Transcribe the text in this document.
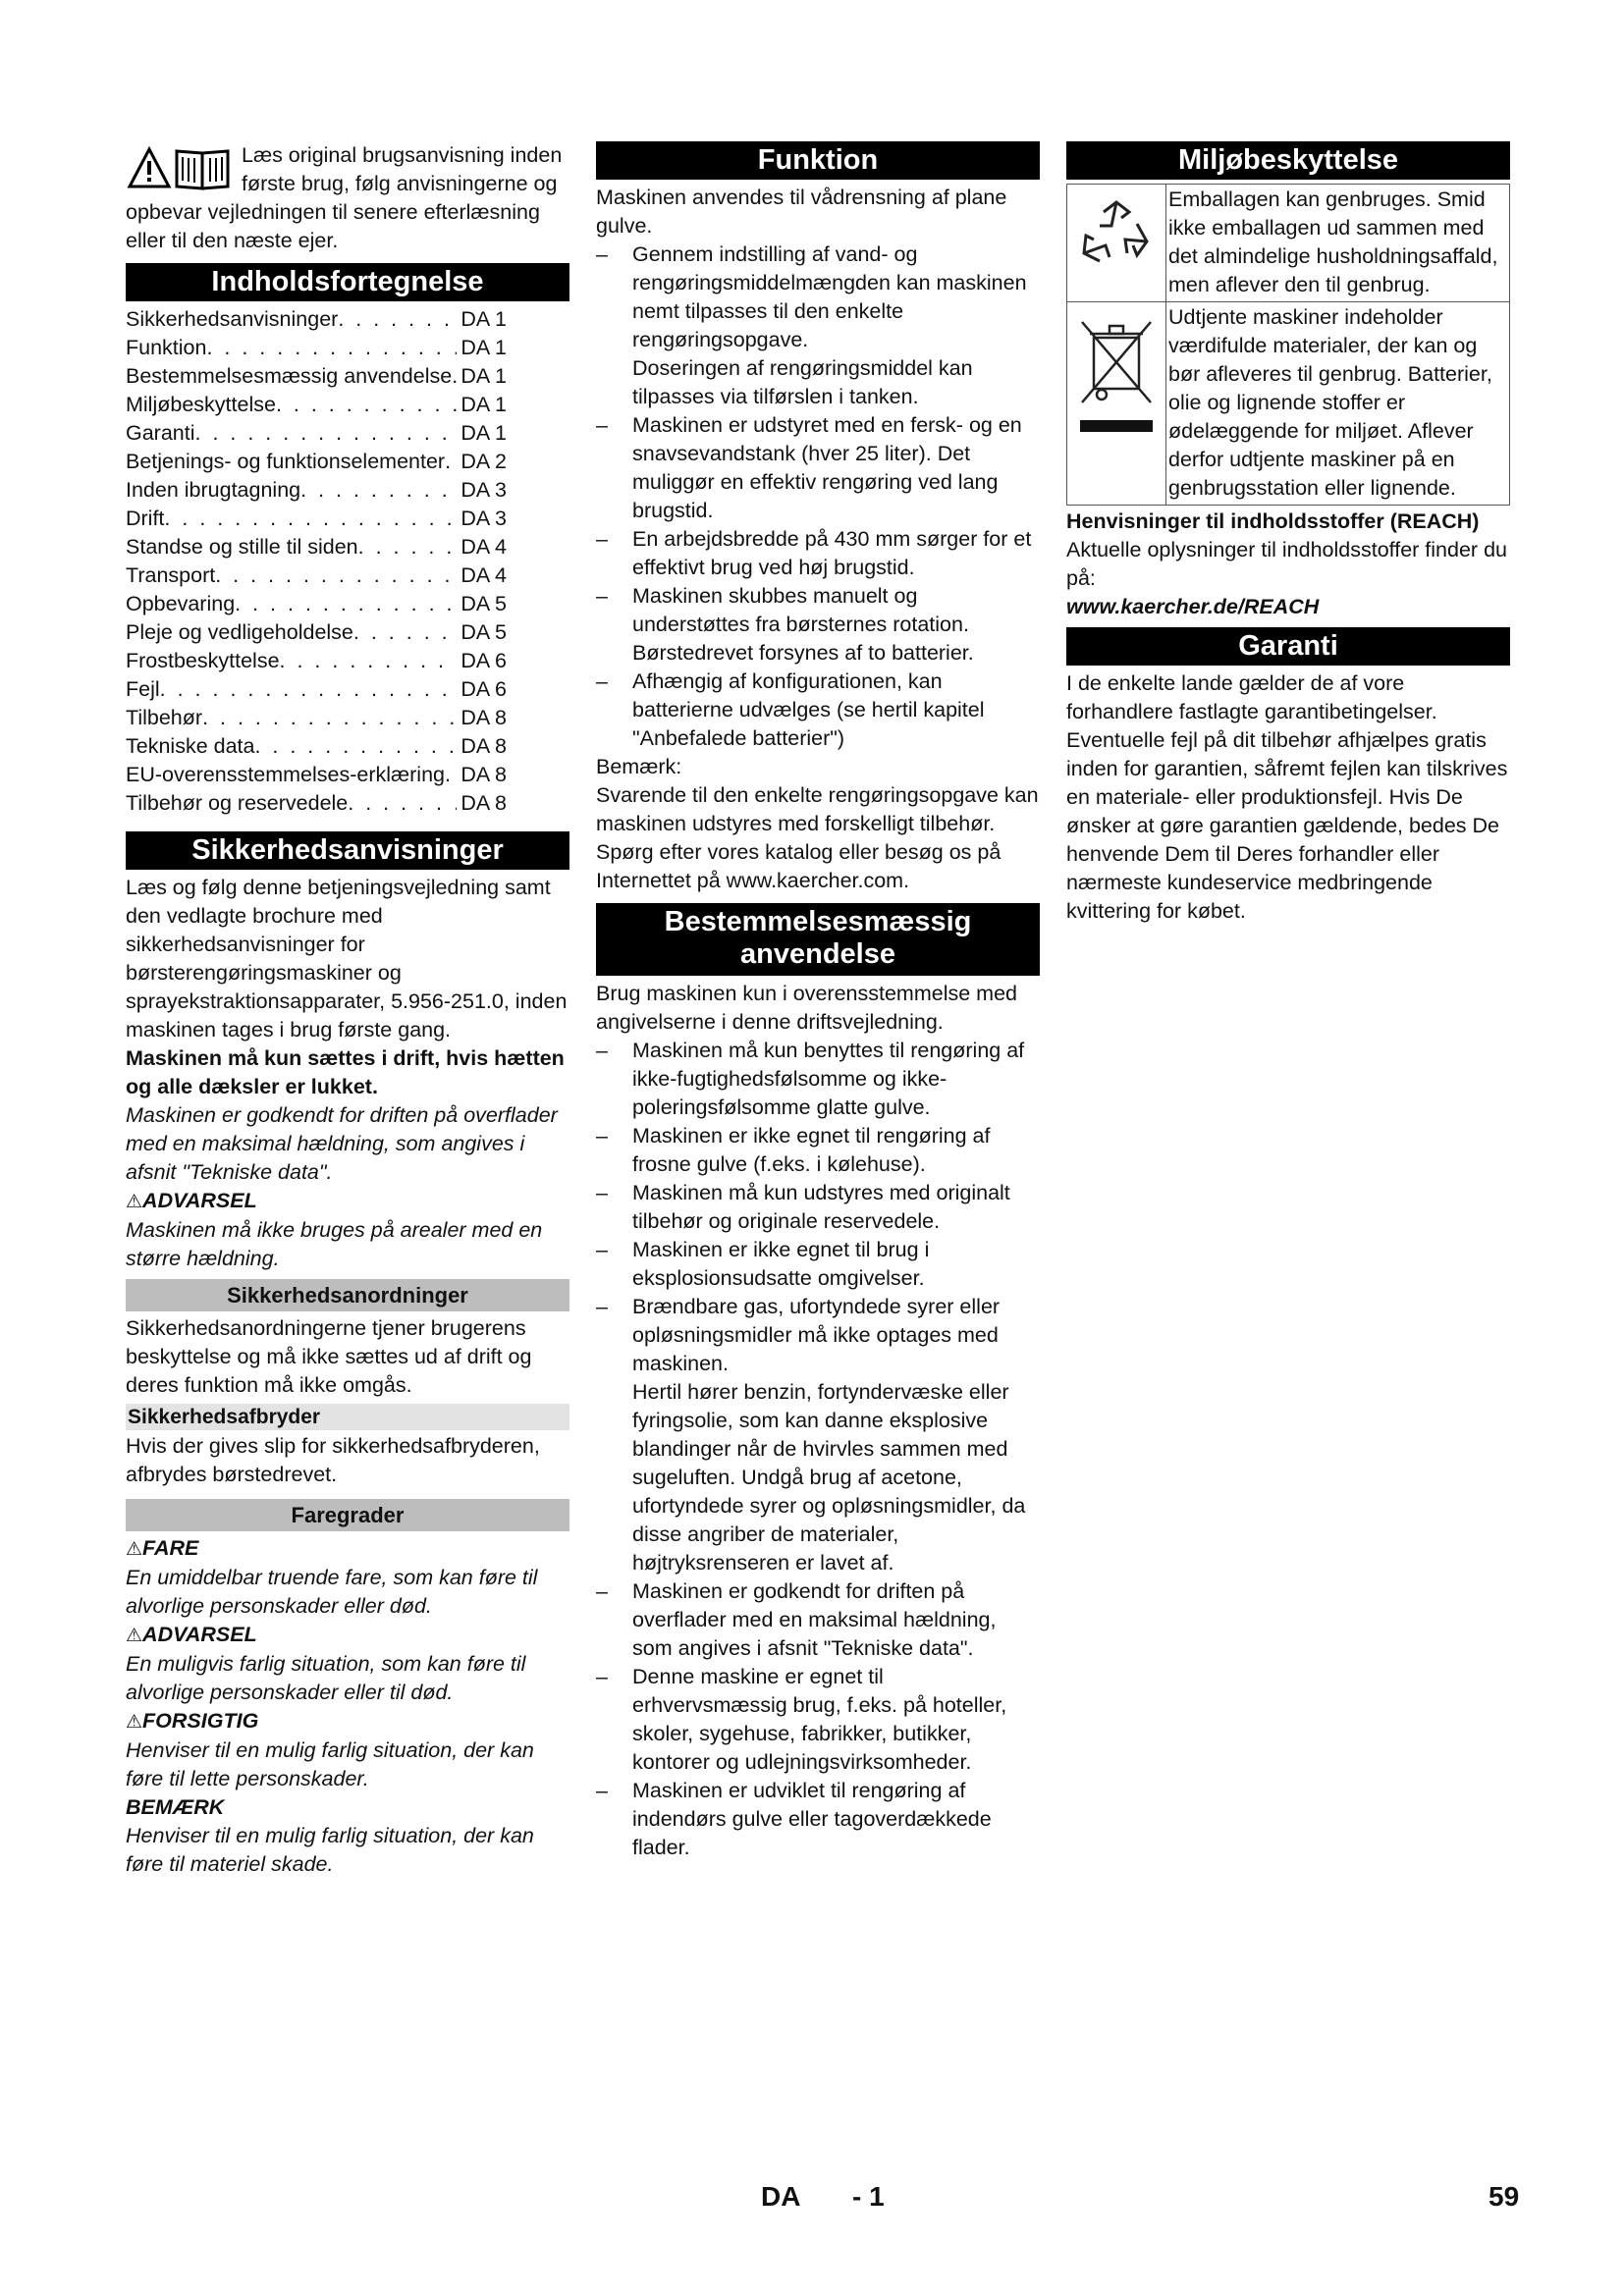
Læs original brugsanvisning inden første brug, følg anvisningerne og opbevar vejledningen til senere efterlæsning eller til den næste ejer.

Indholdsfortegnelse
Sikkerhedsanvisninger . . .	DA 1
Funktion . . .	DA 1
Bestemmelsesmæssig anvendelse . . . DA 1
Miljøbeskyttelse . . .	DA 1
Garanti . . .	DA 1
Betjenings- og funktionselementer . . . DA 2
Inden ibrugtagning . . .	DA 3
Drift . . .	DA 3
Standse og stille til siden . . .	DA 4
Transport . . .	DA 4
Opbevaring . . .	DA 5
Pleje og vedligeholdelse . . .	DA 5
Frostbeskyttelse . . .	DA 6
Fejl . . .	DA 6
Tilbehør . . .	DA 8
Tekniske data . . .	DA 8
EU-overensstemmelses-erklæring . . . DA 8
Tilbehør og reservedele . . .	DA 8
Sikkerhedsanvisninger

Læs og følg denne betjeningsvejledning samt den vedlagte brochure med sikkerhedsanvisninger for børsterengøringsmaskiner og sprayekstraktionsapparater, 5.956-251.0, inden maskinen tages i brug første gang.

Maskinen må kun sættes i drift, hvis hætten og alle dæksler er lukket.

Maskinen er godkendt for driften på overflader med en maksimal hældning, som angives i afsnit "Tekniske data".

⚠ ADVARSEL

Maskinen må ikke bruges på arealer med en større hældning.

Sikkerhedsanordninger

Sikkerhedsanordningerne tjener brugerens beskyttelse og må ikke sættes ud af drift og deres funktion må ikke omgås.

Sikkerhedsafbryder

Hvis der gives slip for sikkerhedsafbryderen, afbrydes børstedrevet.

Faregrader

⚠ FARE

En umiddelbar truende fare, som kan føre til alvorlige personskader eller død.

⚠ ADVARSEL

En muligvis farlig situation, som kan føre til alvorlige personskader eller til død.

⚠ FORSIGTIG

Henviser til en mulig farlig situation, der kan føre til lette personskader.

BEMÆRK

Henviser til en mulig farlig situation, der kan føre til materiel skade.

Funktion

Maskinen anvendes til vådrensning af plane gulve.

– Gennem indstilling af vand- og rengøringsmiddelmængden kan maskinen nemt tilpasses til den enkelte rengøringsopgave.
Doseringen af rengøringsmiddel kan tilpasses via tilførslen i tanken.
– Maskinen er udstyret med en fersk- og en snavsevandstank (hver 25 liter). Det muliggør en effektiv rengøring ved lang brugstid.
– En arbejdsbredde på 430 mm sørger for et effektivt brug ved høj brugstid.
– Maskinen skubbes manuelt og understøttes fra børsternes rotation. Børstedrevet forsynes af to batterier.
– Afhængig af konfigurationen, kan batterierne udvælges (se hertil kapitel "Anbefalede batterier")

Bemærk:

Svarende til den enkelte rengøringsopgave kan maskinen udstyres med forskelligt tilbehør.

Spørg efter vores katalog eller besøg os på Internettet på www.kaercher.com.

Bestemmelsesmæssig
anvendelse

Brug maskinen kun i overensstemmelse med angivelserne i denne driftsvejledning.

– Maskinen må kun benyttes til rengøring af ikke-fugtighedsfølsomme og ikke-poleringsfølsomme glatte gulve.
– Maskinen er ikke egnet til rengøring af frosne gulve (f.eks. i kølehuse).
– Maskinen må kun udstyres med originalt tilbehør og originale reservedele.
– Maskinen er ikke egnet til brug i eksplosionsudsatte omgivelser.
– Brændbare gas, ufortyndede syrer eller opløsningsmidler må ikke optages med maskinen.
Hertil hører benzin, fortyndervæske eller fyringsolie, som kan danne eksplosive blandinger når de hvirvles sammen med sugeluften. Undgå brug af acetone, ufortyndede syrer og opløsningsmidler, da disse angriber de materialer, højtryksrenseren er lavet af.
– Maskinen er godkendt for driften på overflader med en maksimal hældning, som angives i afsnit "Tekniske data".
– Denne maskine er egnet til erhvervsmæssig brug, f.eks. på hoteller, skoler, sygehuse, fabrikker, butikker, kontorer og udlejningsvirksomheder.
– Maskinen er udviklet til rengøring af indendørs gulve eller tagoverdækkede flader.
Miljøbeskyttelse
	Emballagen kan genbruges. Smid ikke emballagen ud sammen med det almindelige husholdningsaffald, men aflever den til genbrug.
	Udtjente maskiner indeholder værdifulde materialer, der kan og bør afleveres til genbrug. Batterier, olie og lignende stoffer er ødelæggende for miljøet. Aflever derfor udtjente maskiner på en genbrugsstation eller lignende.

Henvisninger til indholdsstoffer (REACH)

Aktuelle oplysninger til indholdsstoffer finder du på:

www.kaercher.de/REACH

Garanti

I de enkelte lande gælder de af vore forhandlere fastlagte garantibetingelser. Eventuelle fejl på dit tilbehør afhjælpes gratis inden for garantien, såfremt fejlen kan tilskrives en materiale- eller produktionsfejl. Hvis De ønsker at gøre garantien gældende, bedes De henvende Dem til Deres forhandler eller nærmeste kundeservice medbringende kvittering for købet.

DA - 1	59
